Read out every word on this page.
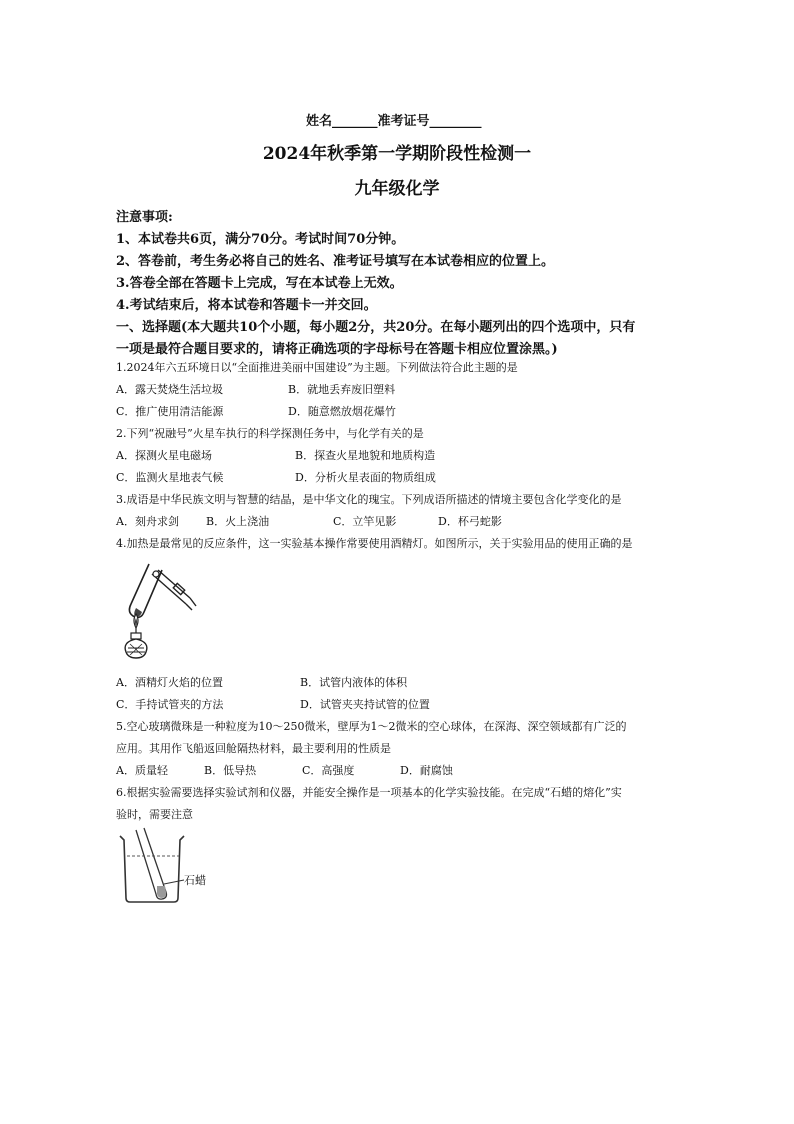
姓名_______准考证号________
2024年秋季第一学期阶段性检测一
九年级化学
注意事项:
1、本试卷共6页，满分70分。考试时间70分钟。
2、答卷前，考生务必将自己的姓名、准考证号填写在本试卷相应的位置上。
3.答卷全部在答题卡上完成，写在本试卷上无效。
4.考试结束后，将本试卷和答题卡一并交回。
一、选择题(本大题共10个小题，每小题2分，共20分。在每小题列出的四个选项中，只有
一项是最符合题目要求的，请将正确选项的字母标号在答题卡相应位置涂黑。)
1.2024年六五环境日以“全面推进美丽中国建设”为主题。下列做法符合此主题的是
A．露天焚烧生活垃圾	B．就地丢弃废旧塑料
C．推广使用清洁能源	D．随意燃放烟花爆竹
2.下列“祝融号”火星车执行的科学探测任务中，与化学有关的是
A．探测火星电磁场	B．探查火星地貌和地质构造
C．监测火星地表气候	D．分析火星表面的物质组成
3.成语是中华民族文明与智慧的结晶，是中华文化的瑰宝。下列成语所描述的情境主要包含化学变化的是
A．刻舟求剑 B．火上浇油	C．立竿见影	D．杯弓蛇影
4.加热是最常见的反应条件，这一实验基本操作常要使用酒精灯。如图所示，关于实验用品的使用正确的是
A．酒精灯火焰的位置	B．试管内液体的体积
C．手持试管夹的方法	D．试管夹夹持试管的位置
5.空心玻璃微珠是一种粒度为10～250微米，壁厚为1～2微米的空心球体，在深海、深空领域都有广泛的
应用。其用作飞船返回舱隔热材料，最主要利用的性质是
A．质量轻	B．低导热	C．高强度	D．耐腐蚀
6.根据实验需要选择实验试剂和仪器，并能安全操作是一项基本的化学实验技能。在完成“石蜡的熔化”实
验时，需要注意
石蜡
